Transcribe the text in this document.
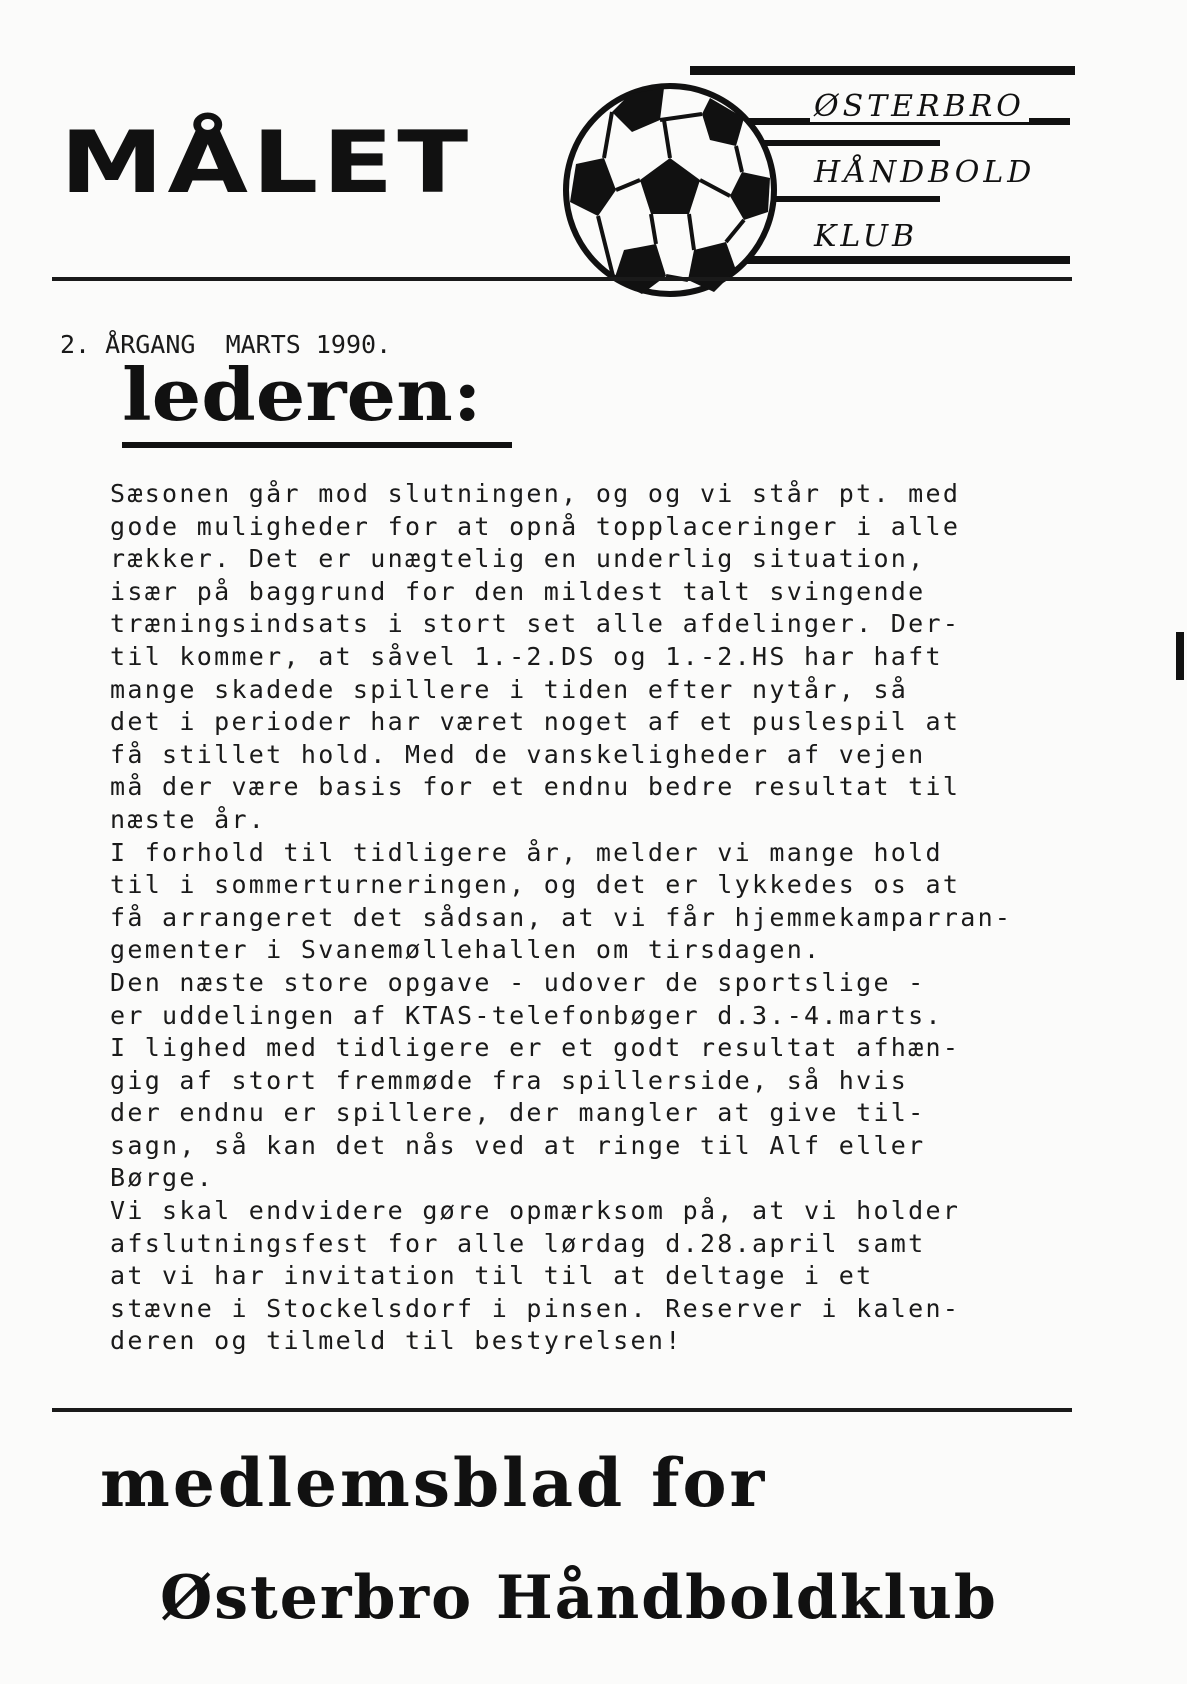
MÅLET
ØSTERBRO
HÅNDBOLD
KLUB
2. ÅRGANG MARTS 1990.
lederen:
Sæsonen går mod slutningen, og og vi står pt. med
gode muligheder for at opnå topplaceringer i alle
rækker. Det er unægtelig en underlig situation,
især på baggrund for den mildest talt svingende
træningsindsats i stort set alle afdelinger. Der-
til kommer, at såvel 1.-2.DS og 1.-2.HS har haft
mange skadede spillere i tiden efter nytår, så
det i perioder har været noget af et puslespil at
få stillet hold. Med de vanskeligheder af vejen
må der være basis for et endnu bedre resultat til
næste år.
I forhold til tidligere år, melder vi mange hold
til i sommerturneringen, og det er lykkedes os at
få arrangeret det sådsan, at vi får hjemmekamparran-
gementer i Svanemøllehallen om tirsdagen.
Den næste store opgave - udover de sportslige -
er uddelingen af KTAS-telefonbøger d.3.-4.marts.
I lighed med tidligere er et godt resultat afhæn-
gig af stort fremmøde fra spillerside, så hvis
der endnu er spillere, der mangler at give til-
sagn, så kan det nås ved at ringe til Alf eller
Børge.
Vi skal endvidere gøre opmærksom på, at vi holder
afslutningsfest for alle lørdag d.28.april samt
at vi har invitation til til at deltage i et
stævne i Stockelsdorf i pinsen. Reserver i kalen-
deren og tilmeld til bestyrelsen!
medlemsblad for
Østerbro Håndboldklub
